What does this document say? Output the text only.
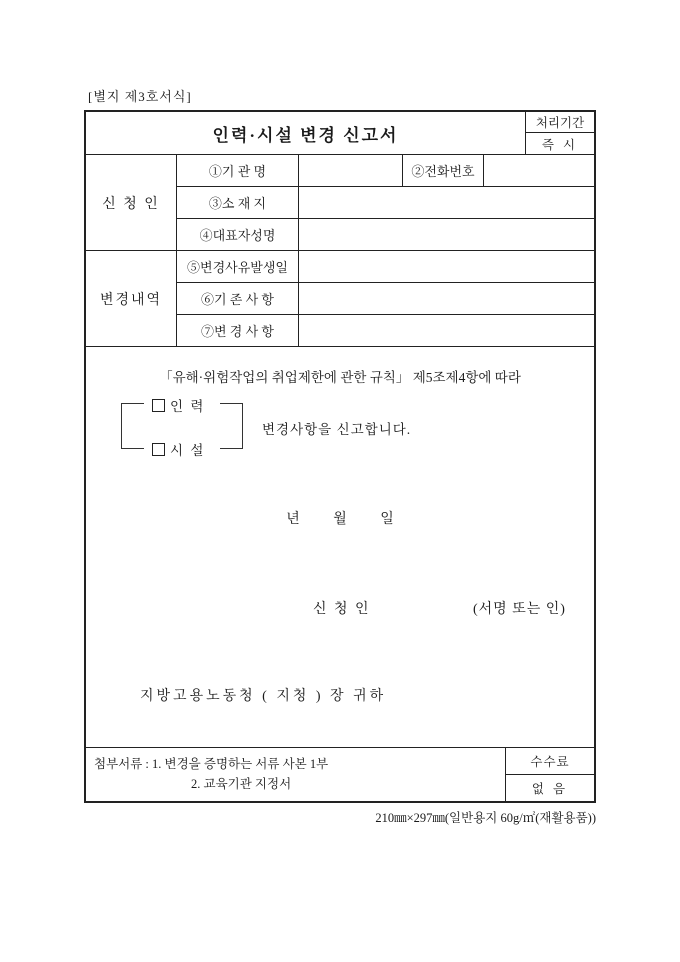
[별지 제3호서식]
인력·시설 변경 신고서
처리기간
즉 시
신 청 인
①기 관 명	②전화번호
③소 재 지
④대표자성명
변경내역
⑤변경사유발생일
⑥기 존 사 항
⑦변 경 사 항
「유해·위험작업의 취업제한에 관한 규칙」 제5조제4항에 따라
인 력
시 설
변경사항을 신고합니다.
년 월 일
신 청 인	(서명 또는 인)
지방고용노동청 ( 지청 ) 장 귀하
첨부서류 : 1. 변경을 증명하는 서류 사본 1부
2. 교육기관 지정서
수수료
없 음
210㎜×297㎜(일반용지 60g/㎡(재활용품))
